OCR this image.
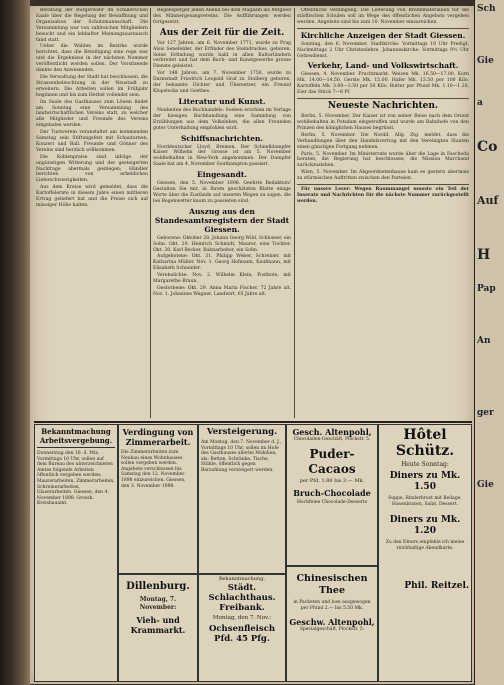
Beratung der Bürgerwehr im Schillerschen Saale über die Regelung der Bewaffnung und Organisation der Schutzmannschaft. Die Versammlung war von zahlreichen Mitgliedern besucht und ein lebhafter Meinungsaustausch fand statt.

Ueber die Wahlen im Bezirke wurde berichtet, dass die Beteiligung eine rege war und die Ergebnisse in der nächsten Nummer veröffentlicht werden sollen. Der Vorsitzende dankte den Anwesenden.

Die Verwaltung der Stadt hat beschlossen, die Strassenbeleuchtung in der Neustadt zu erweitern. Die Arbeiten sollen im Frühjahr beginnen und bis zum Herbst vollendet sein.

Im Saale des Gasthauses zum Löwen findet am Sonntag eine Versammlung des landwirtschaftlichen Vereins statt, zu welcher alle Mitglieder und Freunde des Vereins eingeladen werden.

Der Turnverein veranstaltet am kommenden Samstag sein Stiftungsfest mit Schauturnen, Konzert und Ball. Freunde und Gönner des Vereins sind herzlich willkommen.

Die Kohlenpreise sind infolge der ungünstigen Witterung und der gesteigerten Nachfrage abermals gestiegen; Händler berichten von erheblichen Lieferschwierigkeiten.

Aus dem Kreise wird gemeldet, dass die Kartoffelernte in diesem Jahre einen mittleren Ertrag geliefert hat und die Preise sich auf mässiger Höhe halten.

Regensperger jeden Abend bei dem Magazin als Mitglied des Männergesangvereins. Die Aufführungen werden fortgesetzt.

Aus der Zeit für die Zeit.

Vor 127 Jahren, am 6. November 1771, wurde zu Prag Alois Senefelder, der Erfinder des Steindruckes, geboren. Seine Erfindung wurde bald in allen Kulturländern verbreitet und hat dem Buch- und Kunstgewerbe grosse Dienste geleistet.

Vor 148 Jahren, am 7. November 1750, wurde zu Darmstadt Friedrich Leopold Graf zu Stolberg geboren, der bekannte Dichter und Übersetzer, ein Freund Klopstocks und Goethes.

Literatur und Kunst.

Neuheiten des Buchhandels: Soeben erschien im Verlage der hiesigen Buchhandlung eine Sammlung von Erzählungen aus dem Volksleben, die allen Freunden guter Unterhaltung empfohlen wird.

Schiffsnachrichten.

Norddeutscher Lloyd, Bremen. Der Schnelldampfer Kaiser Wilhelm der Grosse ist am 5. November wohlbehalten in New-York angekommen. Der Dampfer Saale hat am 4. November Southampton passiert.

Eingesandt.

Giessen, den 5. November 1898. Geehrte Redaktion! Gestatten Sie mir, in Ihrem geschätzten Blatte einige Worte über die Zustände auf unseren Wegen zu sagen, die bei Regenwetter kaum zu passieren sind.

Auszug aus den Standesamtsregistern der Stadt Giessen.

Geborene: Oktober 28. Johann Georg Wild, Schlosser, ein Sohn. Okt. 29. Heinrich Schmidt, Maurer, eine Tochter. Okt. 30. Karl Becker, Bahnarbeiter, ein Sohn.

Aufgebotene: Okt. 31. Philipp Weber, Schreiner, mit Katharina Müller. Nov. 1. Georg Hofmann, Kaufmann, mit Elisabeth Schneider.

Verehelichte: Nov. 2. Wilhelm Klein, Postbote, mit Margarethe Braun.

Gestorbene: Okt. 29. Anna Maria Fischer, 72 Jahre alt. Nov. 1. Johannes Wagner, Landwirt, 65 Jahre alt.

Öffentliche Verdingung. Die Lieferung von Brennmaterialien für die städtischen Schulen soll im Wege des öffentlichen Angebots vergeben werden. Angebote sind bis zum 10. November einzureichen.

Kirchliche Anzeigen der Stadt Giessen.

Sonntag, den 6. November. Stadtkirche: Vormittags 10 Uhr Predigt, Nachmittags 2 Uhr Christenlehre. Johanneskirche: Vormittags 9½ Uhr Gottesdienst.

Verkehr, Land- und Volkswirtschaft.

Giessen, 4. November. Fruchtmarkt. Weizen Mk. 16.50—17.00, Korn Mk. 14.00—14.50, Gerste Mk. 15.00, Hafer Mk. 13.50 per 100 Kilo. Kartoffeln Mk. 3.00—3.50 per 50 Kilo. Butter per Pfund Mk. 1.10—1.20, Eier das Stück 7—8 Pf.

Neueste Nachrichten.

Berlin, 5. November. Der Kaiser ist von seiner Reise nach dem Orient wohlbehalten in Potsdam eingetroffen und wurde am Bahnhofe von den Prinzen des königlichen Hauses begrüsst.

Berlin, 5. November. Die Nordd. Allg. Ztg. meldet, dass die Verhandlungen über den Handelsvertrag mit den Vereinigten Staaten einen günstigen Fortgang nehmen.

Paris, 5. November. Im Ministerrate wurde über die Lage in Faschoda beraten; die Regierung hat beschlossen, die Mission Marchand zurückzuziehen.

Wien, 5. November. Im Abgeordnetenhause kam es gestern abermals zu stürmischen Auftritten zwischen den Parteien.

Für unsere Leser: Wegen Raummangel musste ein Teil der Inserate und Nachrichten für die nächste Nummer zurückgestellt werden.

Bekanntmachung Arbeitsvergebung.
Donnerstag den 10. d. Mts. Vormittags 10 Uhr, sollen auf dem Bureau des unterzeichneten Amtes folgende Arbeiten öffentlich vergeben werden: Maurerarbeiten, Zimmerarbeiten, Schreinerarbeiten, Glaserarbeiten. Giessen, den 4. November 1898. Grossh. Kreisbauamt.
Verdingung von Zimmerarbeit.
Die Zimmerarbeiten zum Neubau eines Wohnhauses sollen vergeben werden. Angebote verschlossen bis Samstag den 12. November 1898 einzureichen. Giessen, den 3. November 1898.
Dillenburg.
Montag, 7. November:
Vieh- und Krammarkt.
Versteigerung.
Am Montag, den 7. November d. J., Vormittags 10 Uhr, sollen im Hofe des Gasthauses allerlei Mobilien, als: Betten, Schränke, Tische, Stühle, öffentlich gegen Barzahlung versteigert werden.
Bekanntmachung.
Städt. Schlachthaus.
Freibank.
Montag, den 7. Nov.:
Ochsenfleisch Pfd. 45 Pfg.
Gesch. Altenpohl,
Chocoladen-Geschäft, Plockstr. 5.
Puder-Cacaos
per Pfd. 1.80 bis 3.— Mk.
Bruch-Chocolade
Hochfeine Chocolade-Desserts
Chinesischen Thee
in Packeten und lose ausgewogen per Pfund 2.— bis 5.50 Mk.
Geschw. Altenpohl,
Specialgeschäft, Plockstr. 5.
Hôtel Schütz.
Heute Sonntag:
Diners zu Mk. 1.50
Suppe, Rinderbrust mit Beilage, Hasenbraten, Salat, Dessert.
Diners zu Mk. 1.20
Zu den Diners empfehle ich meine reichhaltige Abendkarte.
Phil. Reitzel.
Sch
Gie
a
Co
Auf
H
Pap
An
ger
Gie
